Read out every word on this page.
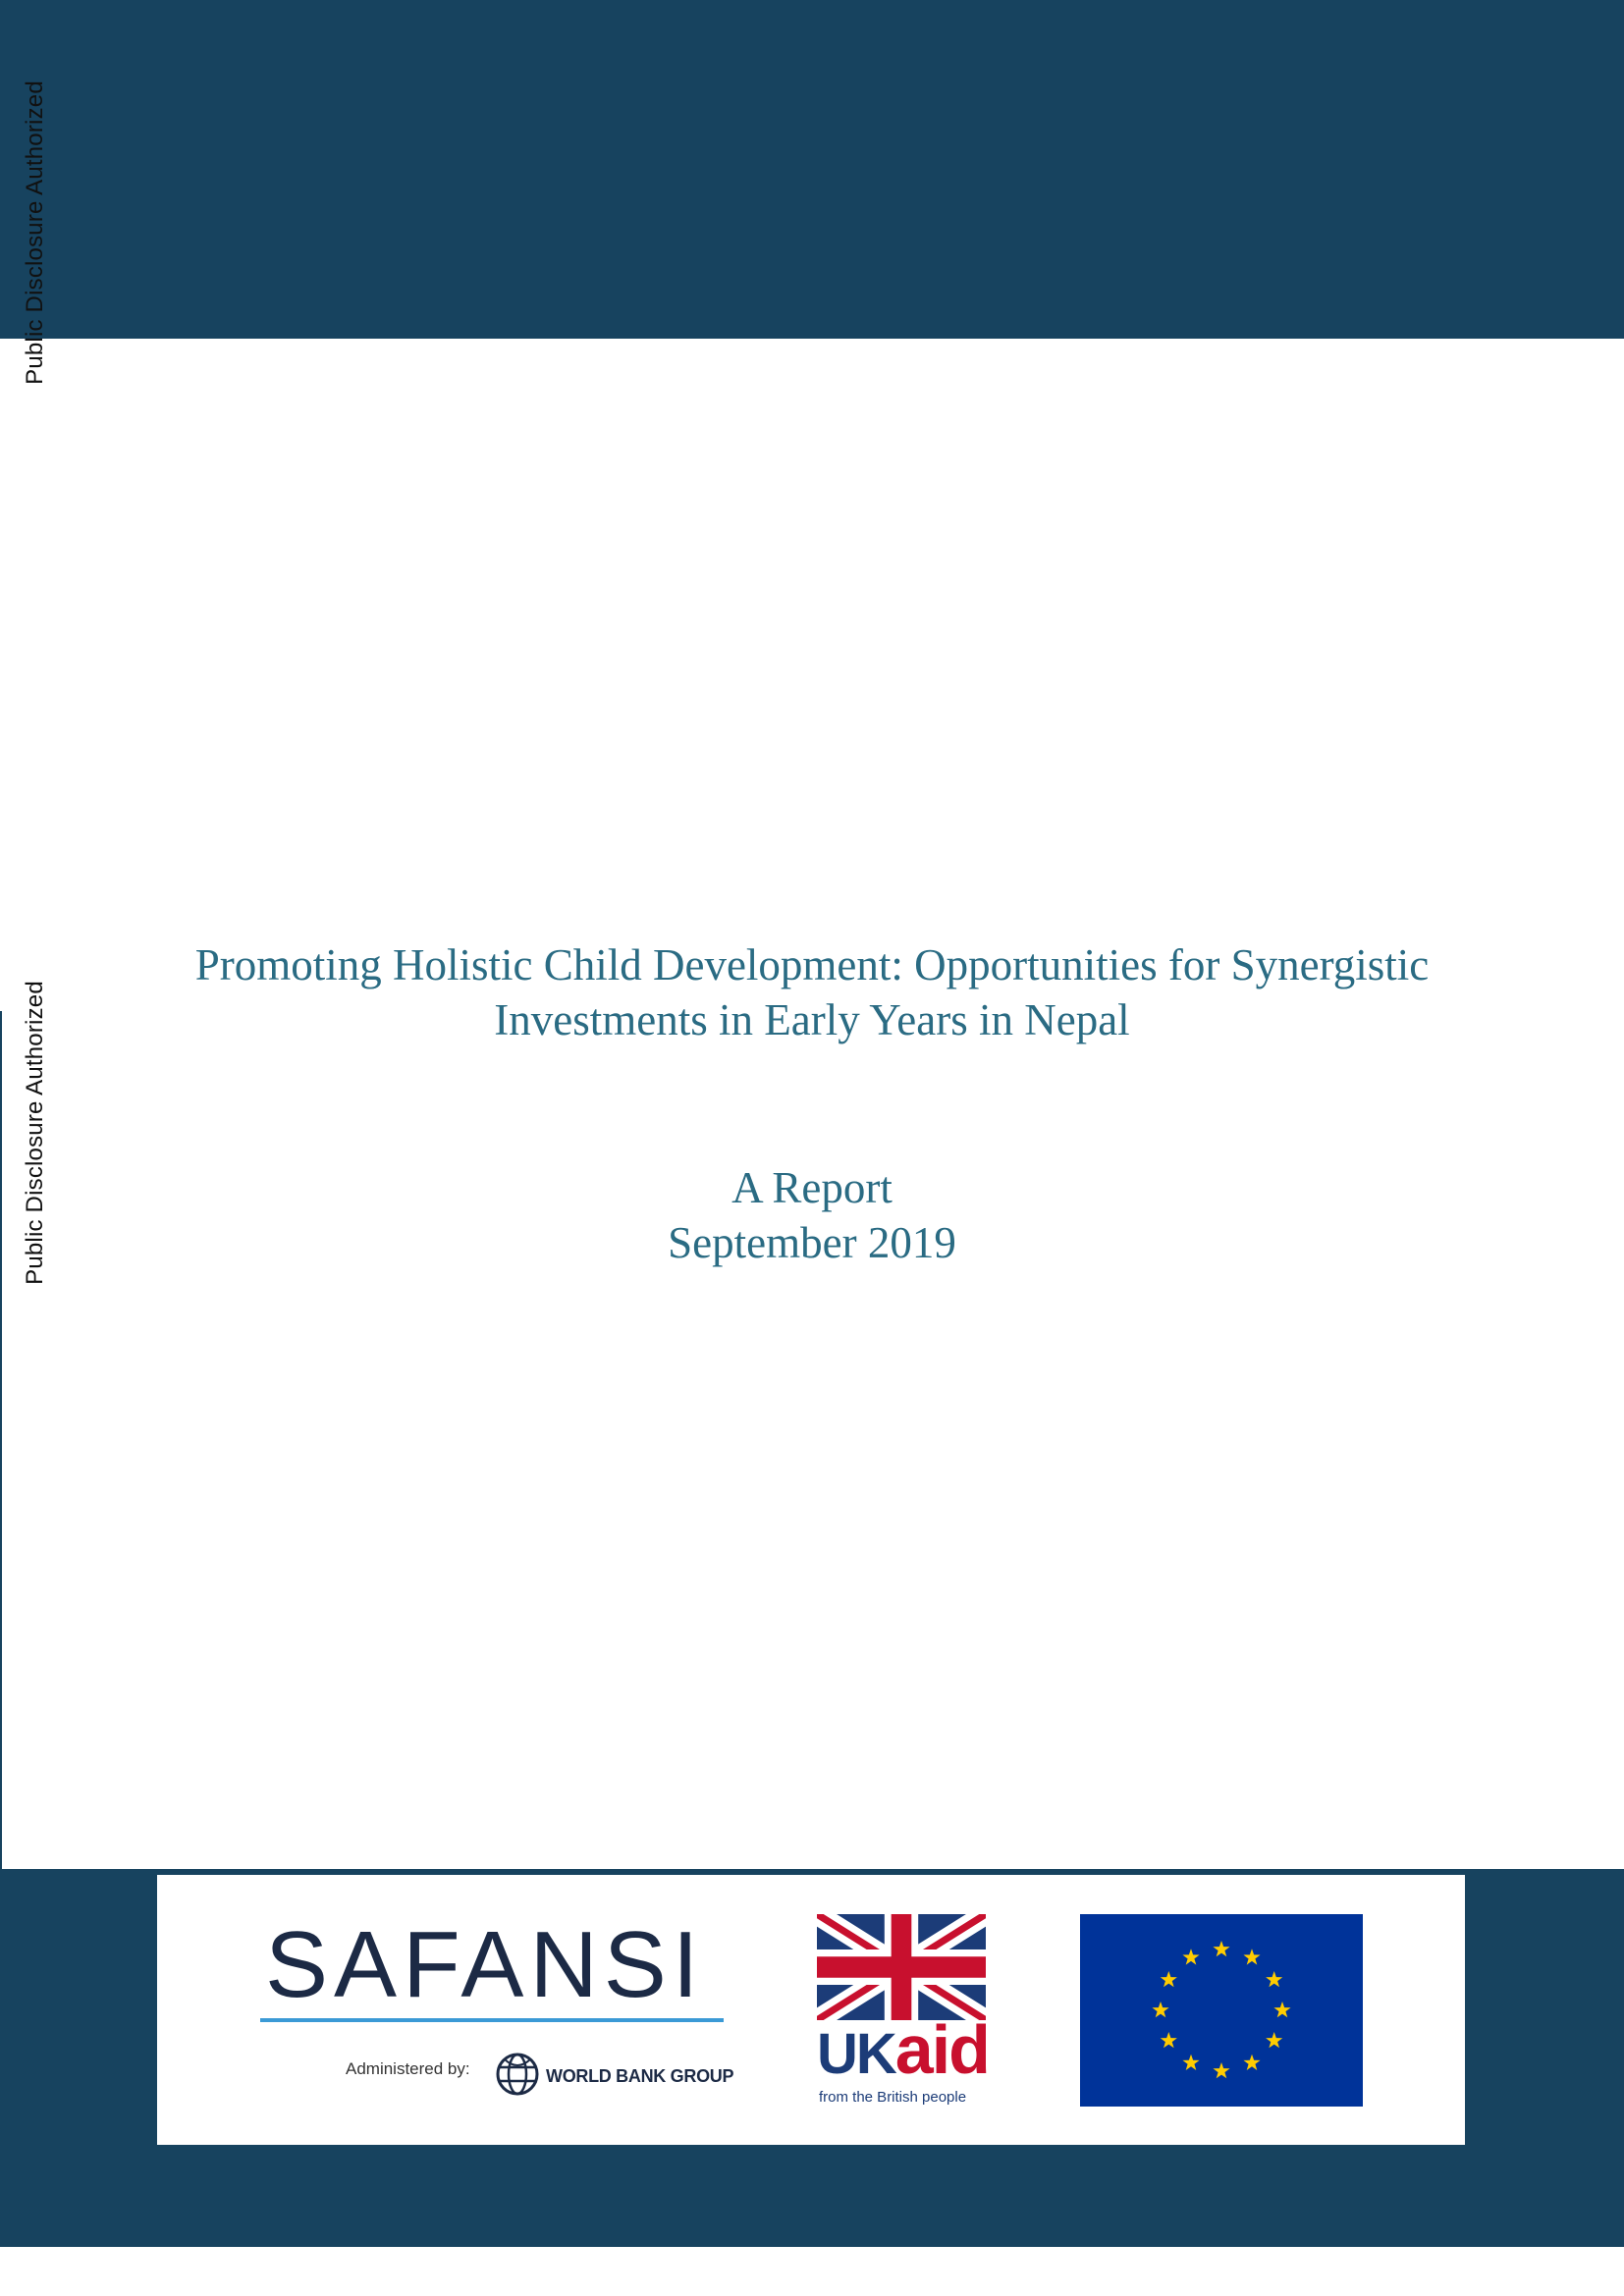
Public Disclosure Authorized
Public Disclosure Authorized
Promoting Holistic Child Development: Opportunities for Synergistic
Investments in Early Years in Nepal
A Report
September 2019
SAFANSI
Administered by:	WORLD BANK GROUP UKaid
from the British people
